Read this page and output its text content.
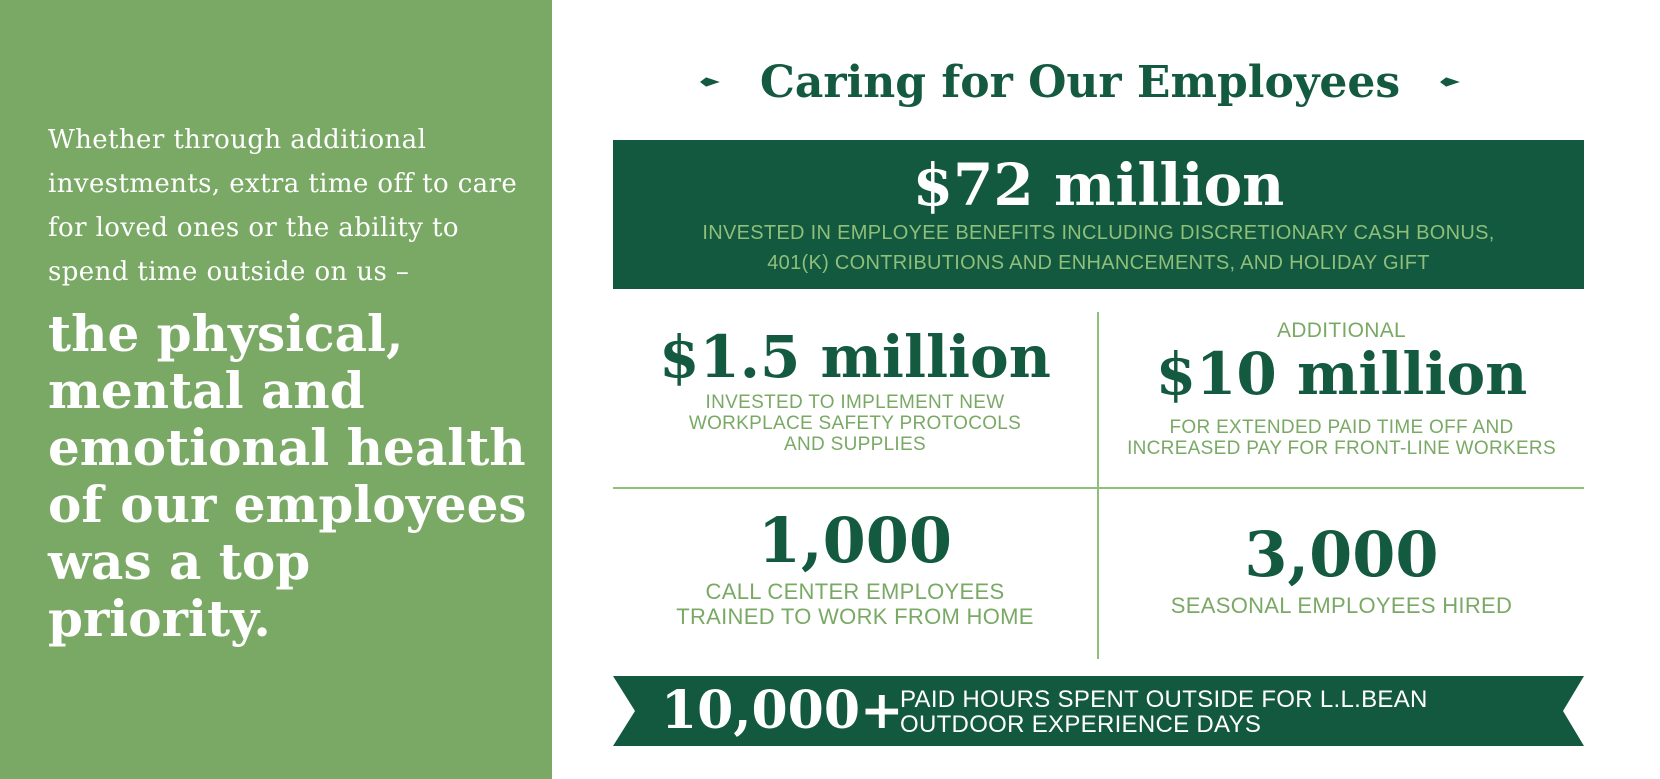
Whether through additional investments, extra time off to care for loved ones or the ability to spend time outside on us –
the physical, mental and emotional health of our employees was a top priority.
Caring for Our Employees
$72 million
INVESTED IN EMPLOYEE BENEFITS INCLUDING DISCRETIONARY CASH BONUS,
401(K) CONTRIBUTIONS AND ENHANCEMENTS, AND HOLIDAY GIFT
$1.5 million
INVESTED TO IMPLEMENT NEW
WORKPLACE SAFETY PROTOCOLS
AND SUPPLIES
ADDITIONAL
$10 million
FOR EXTENDED PAID TIME OFF AND
INCREASED PAY FOR FRONT-LINE WORKERS
1,000
CALL CENTER EMPLOYEES
TRAINED TO WORK FROM HOME
3,000
SEASONAL EMPLOYEES HIRED
10,000+
PAID HOURS SPENT OUTSIDE FOR L.L.BEAN
OUTDOOR EXPERIENCE DAYS
